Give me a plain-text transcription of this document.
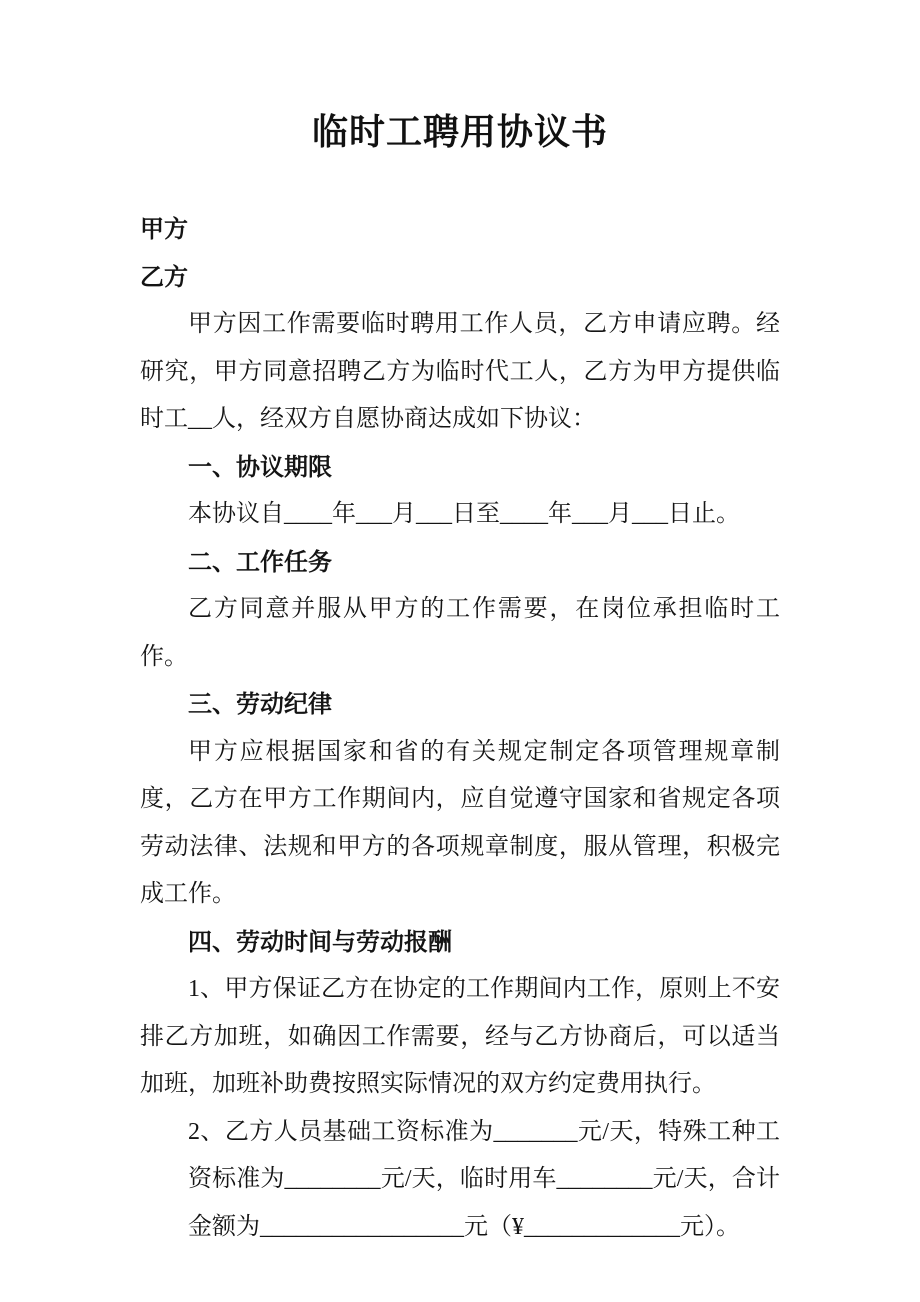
临时工聘用协议书

甲方

乙方

甲方因工作需要临时聘用工作人员，乙方申请应聘。经研究，甲方同意招聘乙方为临时代工人，乙方为甲方提供临时工__人，经双方自愿协商达成如下协议：

一、协议期限

本协议自____年___月___日至____年___月___日止。

二、工作任务

乙方同意并服从甲方的工作需要，在岗位承担临时工作。

三、劳动纪律

甲方应根据国家和省的有关规定制定各项管理规章制度，乙方在甲方工作期间内，应自觉遵守国家和省规定各项劳动法律、法规和甲方的各项规章制度，服从管理，积极完成工作。

四、劳动时间与劳动报酬

1、甲方保证乙方在协定的工作期间内工作，原则上不安排乙方加班，如确因工作需要，经与乙方协商后，可以适当加班，加班补助费按照实际情况的双方约定费用执行。

2、乙方人员基础工资标准为_______元/天，特殊工种工资标准为________元/天，临时用车________元/天，合计金额为_________________元（¥_____________元）。
